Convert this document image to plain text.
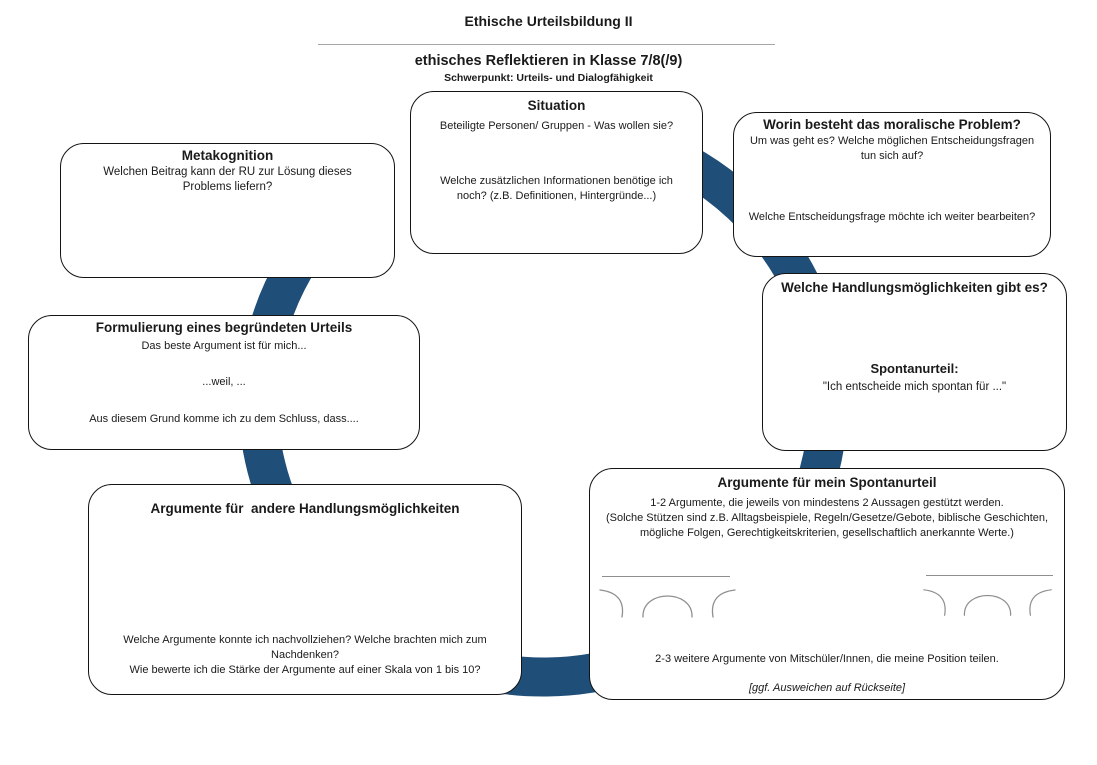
Ethische Urteilsbildung II
ethisches Reflektieren in Klasse 7/8(/9)
Schwerpunkt: Urteils- und Dialogfähigkeit
Metakognition
Welchen Beitrag kann der RU zur Lösung dieses Problems liefern?
Situation
Beteiligte Personen/ Gruppen - Was wollen sie?
Welche zusätzlichen Informationen benötige ich noch? (z.B. Definitionen, Hintergründe...)
Worin besteht das moralische Problem?
Um was geht es? Welche möglichen Entscheidungsfragen tun sich auf?
Welche Entscheidungsfrage möchte ich weiter bearbeiten?
Welche Handlungsmöglichkeiten gibt es?
Spontanurteil:
"Ich entscheide mich spontan für ..."
Argumente für mein Spontanurteil
1-2 Argumente, die jeweils von mindestens 2 Aussagen gestützt werden.
(Solche Stützen sind z.B. Alltagsbeispiele, Regeln/Gesetze/Gebote, biblische Geschichten, mögliche Folgen, Gerechtigkeitskriterien, gesellschaftlich anerkannte Werte.)
2-3 weitere Argumente von Mitschüler/Innen, die meine Position teilen.
[ggf. Ausweichen auf Rückseite]
Argumente für  andere Handlungsmöglichkeiten
Welche Argumente konnte ich nachvollziehen? Welche brachten mich zum Nachdenken?
Wie bewerte ich die Stärke der Argumente auf einer Skala von 1 bis 10?
Formulierung eines begründeten Urteils
Das beste Argument ist für mich...
...weil, ...
Aus diesem Grund komme ich zu dem Schluss, dass....
